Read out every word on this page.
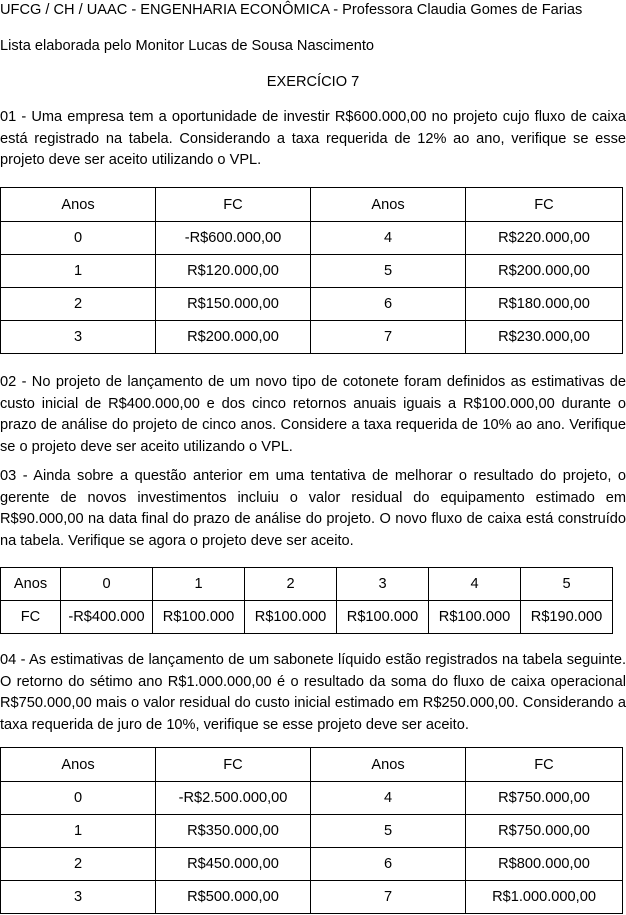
UFCG / CH / UAAC - ENGENHARIA ECONÔMICA - Professora Claudia Gomes de Farias

Lista elaborada pelo Monitor Lucas de Sousa Nascimento

EXERCÍCIO 7

01 - Uma empresa tem a oportunidade de investir R$600.000,00 no projeto cujo fluxo de caixa está registrado na tabela. Considerando a taxa requerida de 12% ao ano, verifique se esse projeto deve ser aceito utilizando o VPL.

Anos	FC	Anos	FC
0	-R$600.000,00	4	R$220.000,00
1	R$120.000,00	5	R$200.000,00
2	R$150.000,00	6	R$180.000,00
3	R$200.000,00	7	R$230.000,00

02 - No projeto de lançamento de um novo tipo de cotonete foram definidos as estimativas de custo inicial de R$400.000,00 e dos cinco retornos anuais iguais a R$100.000,00 durante o prazo de análise do projeto de cinco anos. Considere a taxa requerida de 10% ao ano. Verifique se o projeto deve ser aceito utilizando o VPL.

03 - Ainda sobre a questão anterior em uma tentativa de melhorar o resultado do projeto, o gerente de novos investimentos incluiu o valor residual do equipamento estimado em R$90.000,00 na data final do prazo de análise do projeto. O novo fluxo de caixa está construído na tabela. Verifique se agora o projeto deve ser aceito.

Anos	0	1	2	3	4	5
FC	-R$400.000	R$100.000	R$100.000	R$100.000	R$100.000	R$190.000

04 - As estimativas de lançamento de um sabonete líquido estão registrados na tabela seguinte. O retorno do sétimo ano R$1.000.000,00 é o resultado da soma do fluxo de caixa operacional R$750.000,00 mais o valor residual do custo inicial estimado em R$250.000,00. Considerando a taxa requerida de juro de 10%, verifique se esse projeto deve ser aceito.

Anos	FC	Anos	FC
0	-R$2.500.000,00	4	R$750.000,00
1	R$350.000,00	5	R$750.000,00
2	R$450.000,00	6	R$800.000,00
3	R$500.000,00	7	R$1.000.000,00
